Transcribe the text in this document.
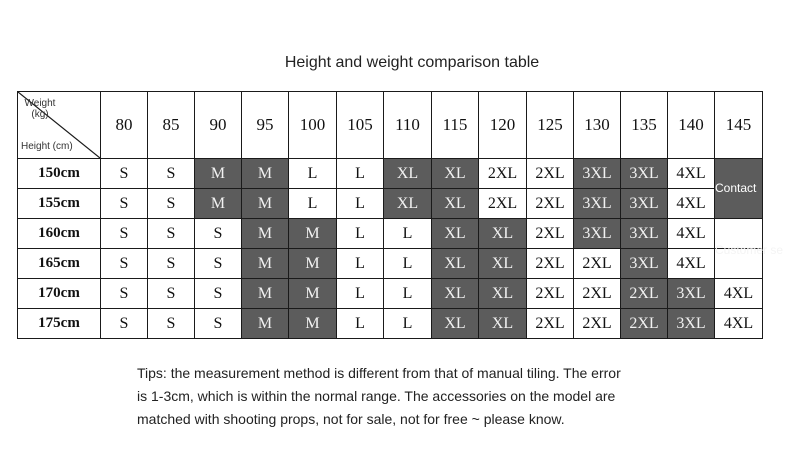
Height and weight comparison table
Weight (kg)
Height (cm)	80	85	90	95	100	105	110	115	120	125	130	135	140	145
150cm	S	S	M	M	L	L	XL	XL	2XL	2XL	3XL	3XL	4XL	Contact
Customer se

155cm	S	S	M	M	L	L	XL	XL	2XL	2XL	3XL	3XL	4XL	
160cm	S	S	S	M	M	L	L	XL	XL	2XL	3XL	3XL	4XL	
165cm	S	S	S	M	M	L	L	XL	XL	2XL	2XL	3XL	4XL	
170cm	S	S	S	M	M	L	L	XL	XL	2XL	2XL	2XL	3XL	4XL
175cm	S	S	S	M	M	L	L	XL	XL	2XL	2XL	2XL	3XL	4XL
Tips: the measurement method is different from that of manual tiling. The error
is 1-3cm, which is within the normal range. The accessories on the model are
matched with shooting props, not for sale, not for free ~ please know.
